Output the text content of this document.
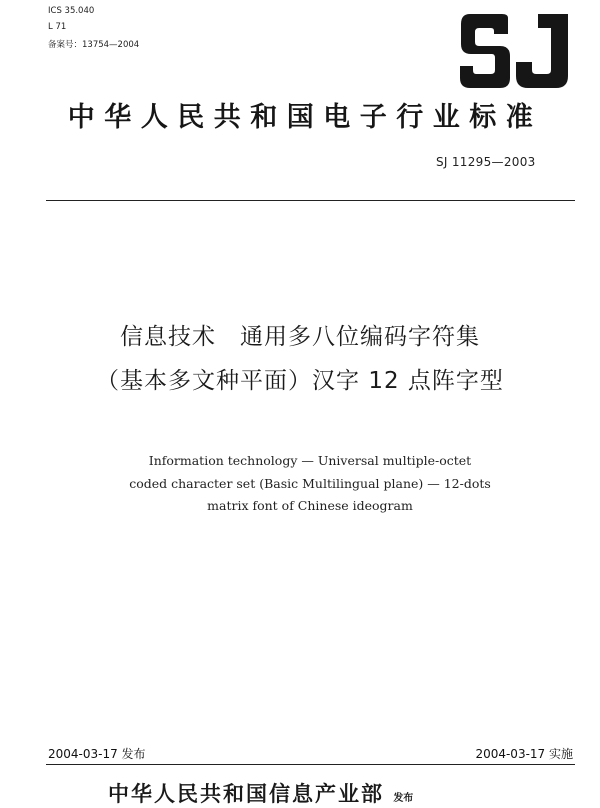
ICS 35.040
L 71
备案号：13754—2004
中华人民共和国电子行业标准
SJ 11295—2003
信息技术　通用多八位编码字符集
（基本多文种平面）汉字 12 点阵字型
Information technology — Universal multiple-octet
coded character set (Basic Multilingual plane) — 12-dots
matrix font of Chinese ideogram
2004-03-17 发布	2004-03-17 实施
中华人民共和国信息产业部 发布
